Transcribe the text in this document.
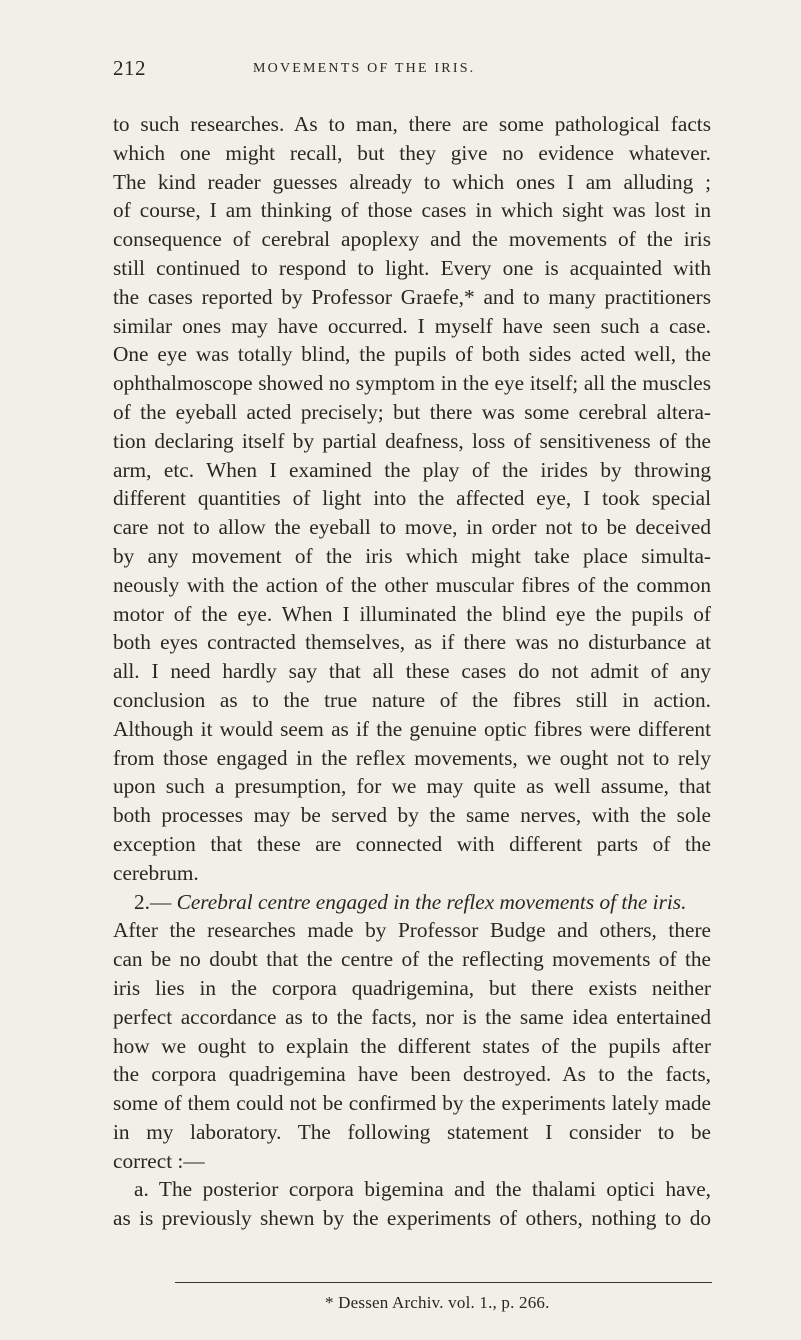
212	MOVEMENTS OF THE IRIS.
to such researches. As to man, there are some pathological facts
which one might recall, but they give no evidence whatever.
The kind reader guesses already to which ones I am alluding ;
of course, I am thinking of those cases in which sight was lost in
consequence of cerebral apoplexy and the movements of the iris
still continued to respond to light. Every one is acquainted with
the cases reported by Professor Graefe,* and to many practitioners
similar ones may have occurred. I myself have seen such a case.
One eye was totally blind, the pupils of both sides acted well, the
ophthalmoscope showed no symptom in the eye itself; all the muscles
of the eyeball acted precisely; but there was some cerebral altera-
tion declaring itself by partial deafness, loss of sensitiveness of the
arm, etc. When I examined the play of the irides by throwing
different quantities of light into the affected eye, I took special
care not to allow the eyeball to move, in order not to be deceived
by any movement of the iris which might take place simulta-
neously with the action of the other muscular fibres of the common
motor of the eye. When I illuminated the blind eye the pupils of
both eyes contracted themselves, as if there was no disturbance at
all. I need hardly say that all these cases do not admit of any
conclusion as to the true nature of the fibres still in action.
Although it would seem as if the genuine optic fibres were different
from those engaged in the reflex movements, we ought not to rely
upon such a presumption, for we may quite as well assume, that
both processes may be served by the same nerves, with the sole
exception that these are connected with different parts of the
cerebrum.
2.— Cerebral centre engaged in the reflex movements of the iris.
After the researches made by Professor Budge and others, there
can be no doubt that the centre of the reflecting movements of the
iris lies in the corpora quadrigemina, but there exists neither
perfect accordance as to the facts, nor is the same idea entertained
how we ought to explain the different states of the pupils after
the corpora quadrigemina have been destroyed. As to the facts,
some of them could not be confirmed by the experiments lately made
in my laboratory. The following statement I consider to be
correct :—
a. The posterior corpora bigemina and the thalami optici have,
as is previously shewn by the experiments of others, nothing to do
* Dessen Archiv. vol. 1., p. 266.
